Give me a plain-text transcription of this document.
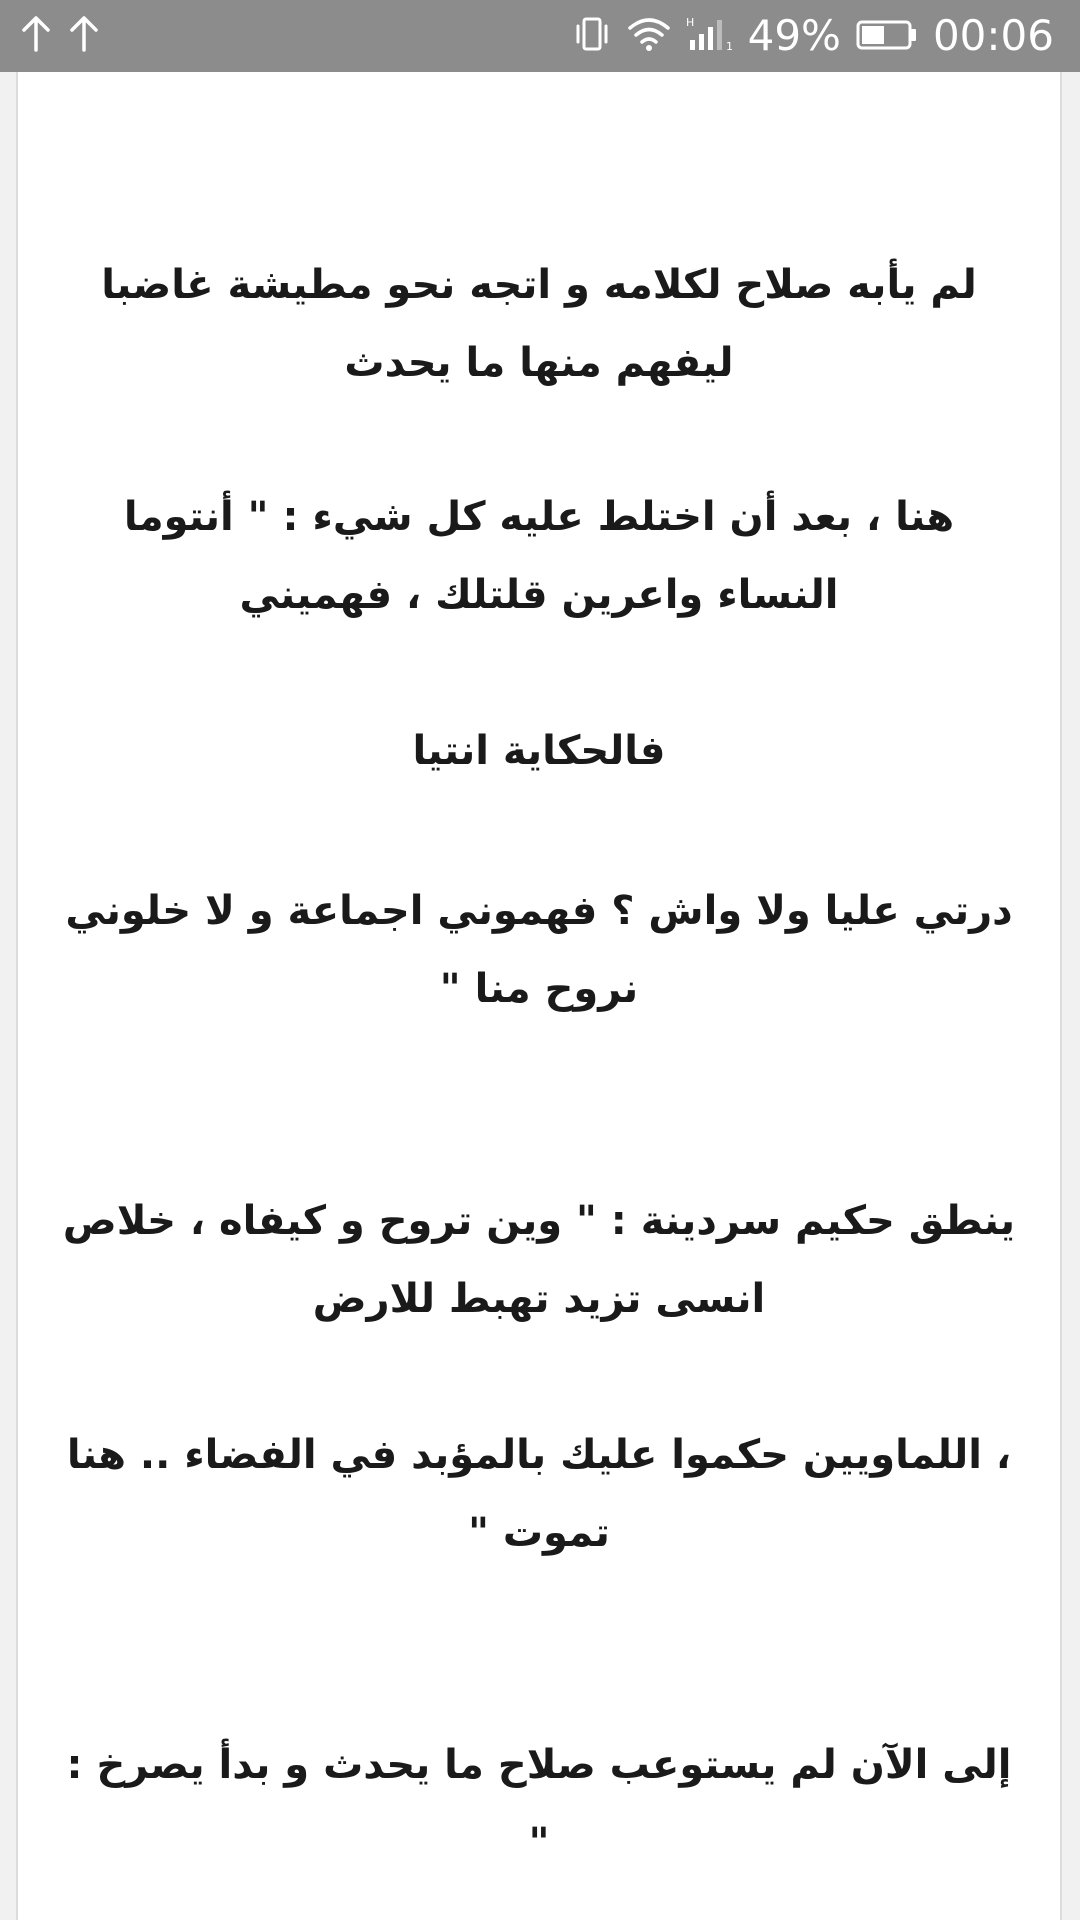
H
1 49% 00:06

لم يأبه صلاح لكلامه و اتجه نحو مطيشة غاضبا ليفهم منها ما يحدث

هنا ، بعد أن اختلط عليه كل شيء : " أنتوما النساء واعرين قلتلك ، فهميني

فالحكاية انتيا

درتي عليا ولا واش ؟ فهموني اجماعة و لا خلوني نروح منا "

ينطق حكيم سردينة : " وين تروح و كيفاه ، خلاص انسى تزيد تهبط للارض

، اللماويين حكموا عليك بالمؤبد في الفضاء .. هنا تموت "

إلى الآن لم يستوعب صلاح ما يحدث و بدأ يصرخ : "
